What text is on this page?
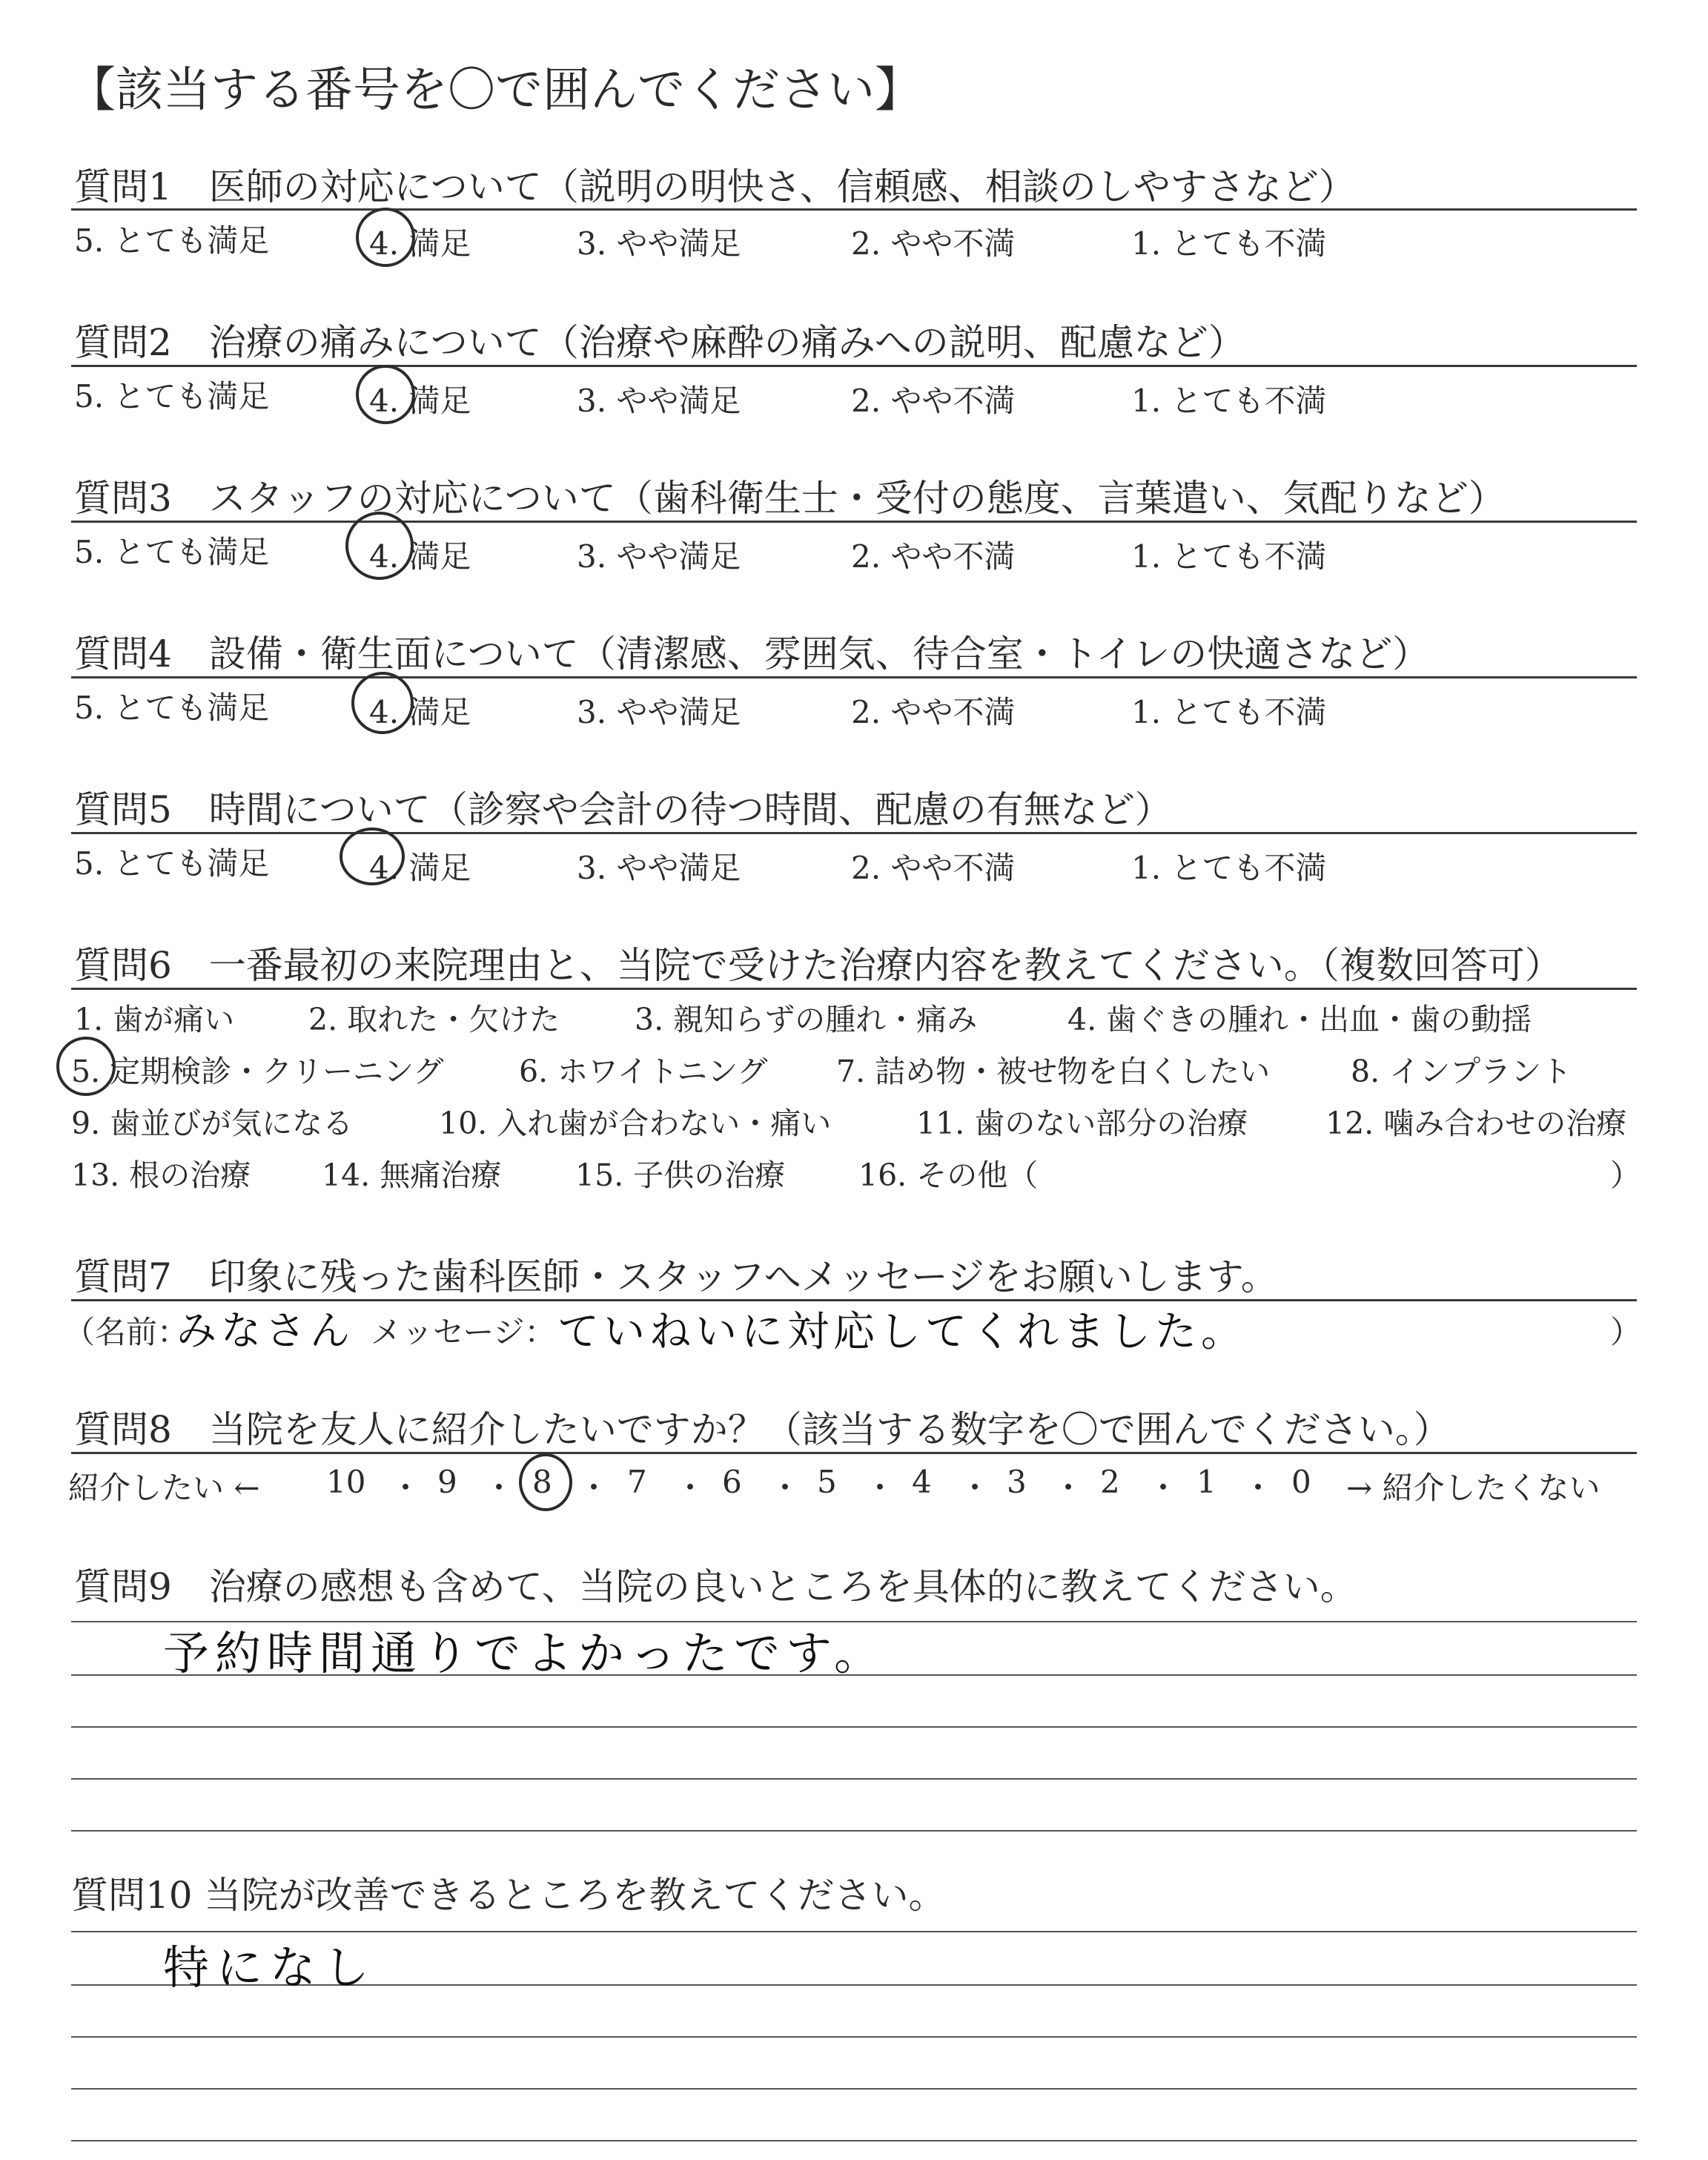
【該当する番号を〇で囲んでください】
質問1　医師の対応について（説明の明快さ、信頼感、相談のしやすさなど）
5. とても満足	4. 満足	3. やや満足	2. やや不満	1. とても不満
質問2　治療の痛みについて（治療や麻酔の痛みへの説明、配慮など）
5. とても満足	4. 満足	3. やや満足	2. やや不満	1. とても不満
質問3　スタッフの対応について（歯科衛生士・受付の態度、言葉遣い、気配りなど）
5. とても満足	4. 満足	3. やや満足	2. やや不満	1. とても不満
質問4　設備・衛生面について（清潔感、雰囲気、待合室・トイレの快適さなど）
5. とても満足	4. 満足	3. やや満足	2. やや不満	1. とても不満
質問5　時間について（診察や会計の待つ時間、配慮の有無など）
5. とても満足	4. 満足	3. やや満足	2. やや不満	1. とても不満
質問6　一番最初の来院理由と、当院で受けた治療内容を教えてください。（複数回答可）
1. 歯が痛い 2. 取れた・欠けた 3. 親知らずの腫れ・痛み	4. 歯ぐきの腫れ・出血・歯の動揺
5. 定期検診・クリーニング 6. ホワイトニング 7. 詰め物・被せ物を白くしたい	8. インプラント
9. 歯並びが気になる	10. 入れ歯が合わない・痛い	11. 歯のない部分の治療	12. 噛み合わせの治療
13. 根の治療 14. 無痛治療 15. 子供の治療 16. その他（	）
質問7　印象に残った歯科医師・スタッフへメッセージをお願いします。
（名前：
みなさん メッセージ： ていねいに対応してくれました。	）
質問8　当院を友人に紹介したいですか？（該当する数字を〇で囲んでください。）
紹介したい ← 10 ・ 9 ・ 8 ・ 7 ・ 6 ・ 5 ・ 4 ・ 3 ・ 2 ・ 1 ・ 0 → 紹介したくない
質問9　治療の感想も含めて、当院の良いところを具体的に教えてください。
予約時間通りでよかったです。
質問10 当院が改善できるところを教えてください。
特になし
